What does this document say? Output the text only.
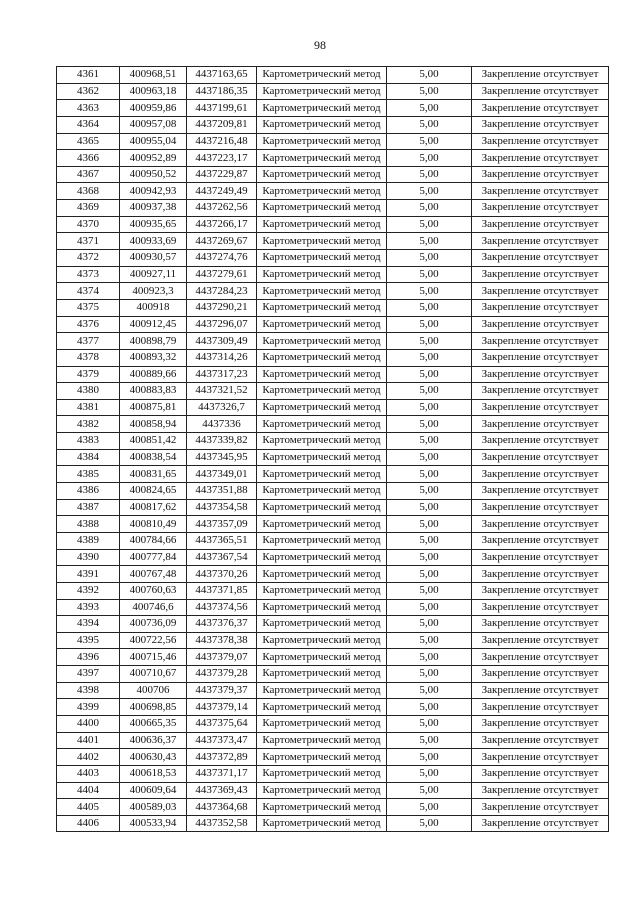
98
4361	400968,51	4437163,65	Картометрический метод	5,00	Закрепление отсутствует
4362	400963,18	4437186,35	Картометрический метод	5,00	Закрепление отсутствует
4363	400959,86	4437199,61	Картометрический метод	5,00	Закрепление отсутствует
4364	400957,08	4437209,81	Картометрический метод	5,00	Закрепление отсутствует
4365	400955,04	4437216,48	Картометрический метод	5,00	Закрепление отсутствует
4366	400952,89	4437223,17	Картометрический метод	5,00	Закрепление отсутствует
4367	400950,52	4437229,87	Картометрический метод	5,00	Закрепление отсутствует
4368	400942,93	4437249,49	Картометрический метод	5,00	Закрепление отсутствует
4369	400937,38	4437262,56	Картометрический метод	5,00	Закрепление отсутствует
4370	400935,65	4437266,17	Картометрический метод	5,00	Закрепление отсутствует
4371	400933,69	4437269,67	Картометрический метод	5,00	Закрепление отсутствует
4372	400930,57	4437274,76	Картометрический метод	5,00	Закрепление отсутствует
4373	400927,11	4437279,61	Картометрический метод	5,00	Закрепление отсутствует
4374	400923,3	4437284,23	Картометрический метод	5,00	Закрепление отсутствует
4375	400918	4437290,21	Картометрический метод	5,00	Закрепление отсутствует
4376	400912,45	4437296,07	Картометрический метод	5,00	Закрепление отсутствует
4377	400898,79	4437309,49	Картометрический метод	5,00	Закрепление отсутствует
4378	400893,32	4437314,26	Картометрический метод	5,00	Закрепление отсутствует
4379	400889,66	4437317,23	Картометрический метод	5,00	Закрепление отсутствует
4380	400883,83	4437321,52	Картометрический метод	5,00	Закрепление отсутствует
4381	400875,81	4437326,7	Картометрический метод	5,00	Закрепление отсутствует
4382	400858,94	4437336	Картометрический метод	5,00	Закрепление отсутствует
4383	400851,42	4437339,82	Картометрический метод	5,00	Закрепление отсутствует
4384	400838,54	4437345,95	Картометрический метод	5,00	Закрепление отсутствует
4385	400831,65	4437349,01	Картометрический метод	5,00	Закрепление отсутствует
4386	400824,65	4437351,88	Картометрический метод	5,00	Закрепление отсутствует
4387	400817,62	4437354,58	Картометрический метод	5,00	Закрепление отсутствует
4388	400810,49	4437357,09	Картометрический метод	5,00	Закрепление отсутствует
4389	400784,66	4437365,51	Картометрический метод	5,00	Закрепление отсутствует
4390	400777,84	4437367,54	Картометрический метод	5,00	Закрепление отсутствует
4391	400767,48	4437370,26	Картометрический метод	5,00	Закрепление отсутствует
4392	400760,63	4437371,85	Картометрический метод	5,00	Закрепление отсутствует
4393	400746,6	4437374,56	Картометрический метод	5,00	Закрепление отсутствует
4394	400736,09	4437376,37	Картометрический метод	5,00	Закрепление отсутствует
4395	400722,56	4437378,38	Картометрический метод	5,00	Закрепление отсутствует
4396	400715,46	4437379,07	Картометрический метод	5,00	Закрепление отсутствует
4397	400710,67	4437379,28	Картометрический метод	5,00	Закрепление отсутствует
4398	400706	4437379,37	Картометрический метод	5,00	Закрепление отсутствует
4399	400698,85	4437379,14	Картометрический метод	5,00	Закрепление отсутствует
4400	400665,35	4437375,64	Картометрический метод	5,00	Закрепление отсутствует
4401	400636,37	4437373,47	Картометрический метод	5,00	Закрепление отсутствует
4402	400630,43	4437372,89	Картометрический метод	5,00	Закрепление отсутствует
4403	400618,53	4437371,17	Картометрический метод	5,00	Закрепление отсутствует
4404	400609,64	4437369,43	Картометрический метод	5,00	Закрепление отсутствует
4405	400589,03	4437364,68	Картометрический метод	5,00	Закрепление отсутствует
4406	400533,94	4437352,58	Картометрический метод	5,00	Закрепление отсутствует
